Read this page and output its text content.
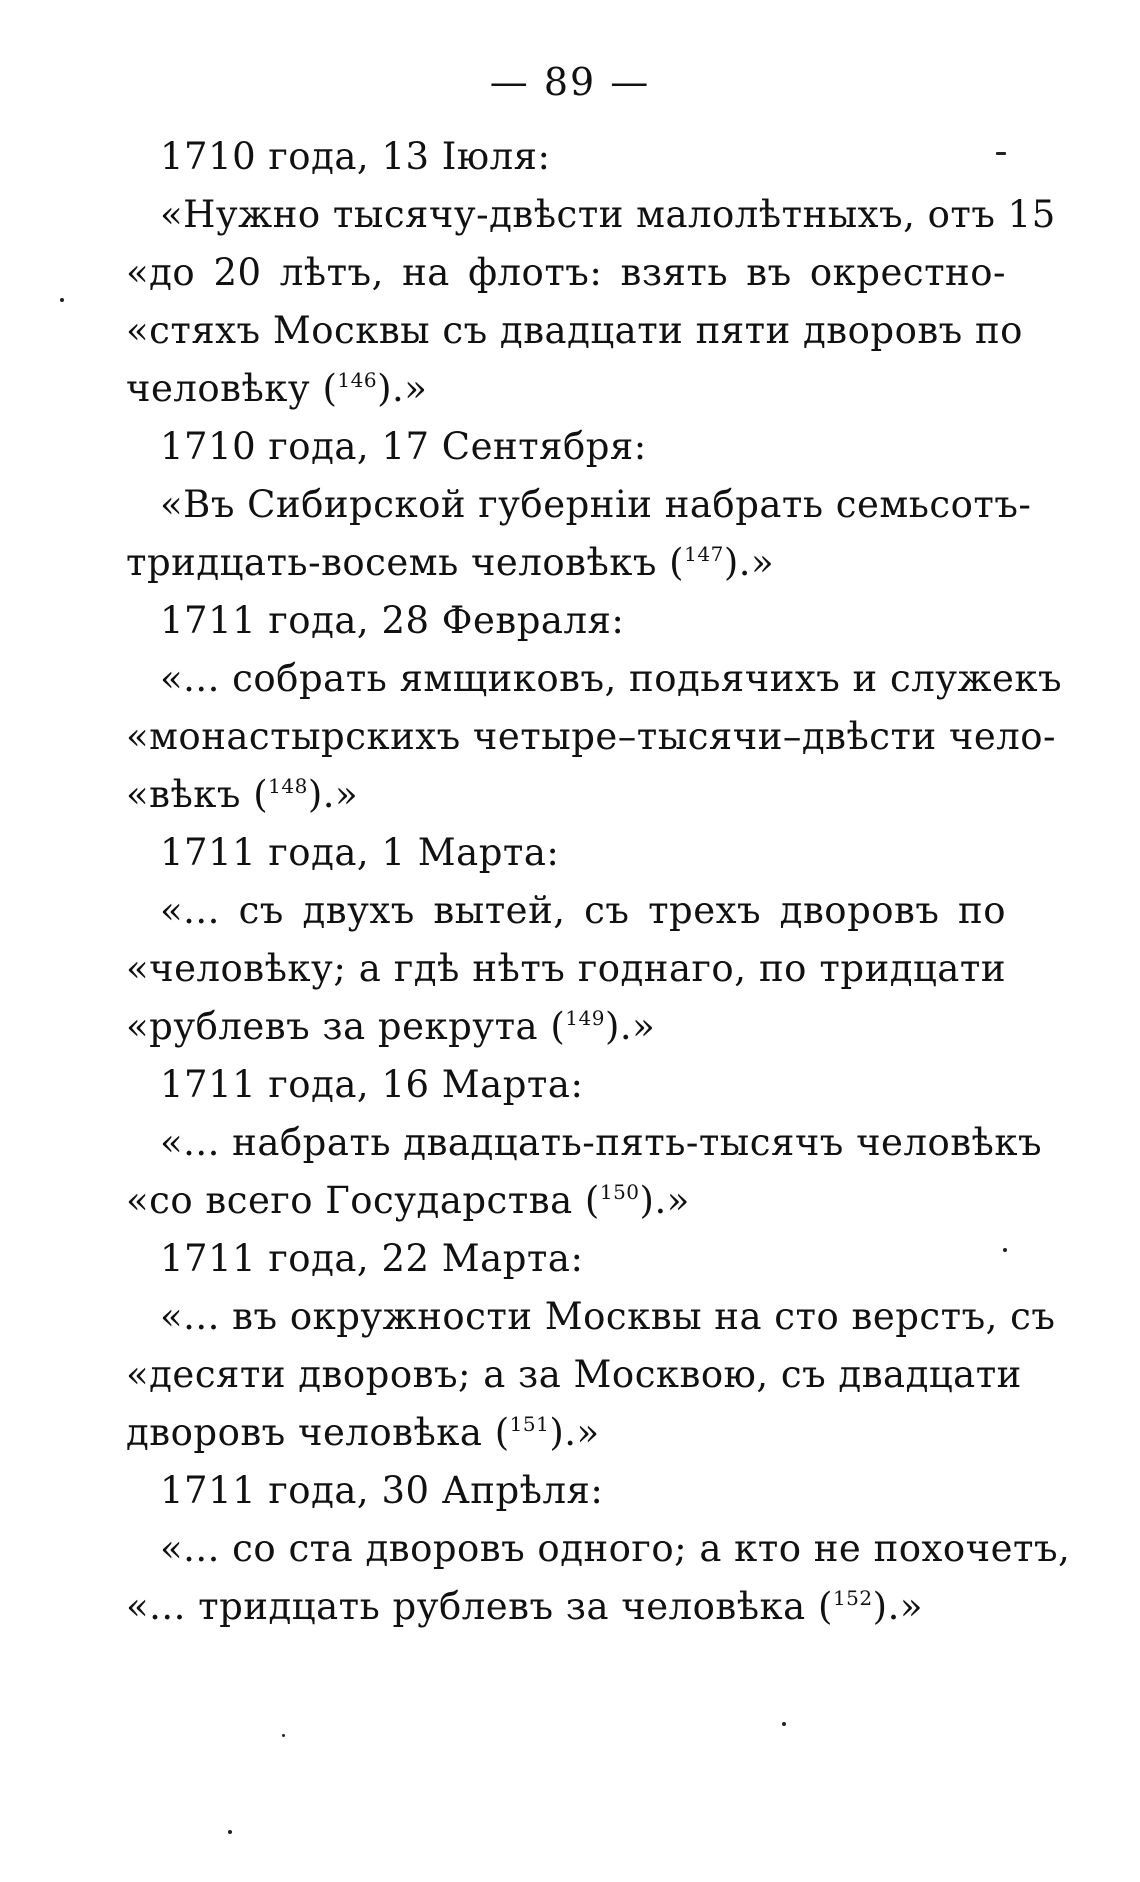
— 89 —
1710 года, 13 Іюля:
«Нужно тысячу-двѣсти малолѣтныхъ, отъ 15
«до 20 лѣтъ, на флотъ: взять въ окрестно-
«стяхъ Москвы съ двадцати пяти дворовъ по
человѣку ($^{146}$).»
1710 года, 17 Сентября:
«Въ Сибирской губерніи набрать семьсотъ-
тридцать-восемь человѣкъ ($^{147}$).»
1711 года, 28 Февраля:
«... собрать ямщиковъ, подьячихъ и служекъ
«монастырскихъ четыре–тысячи–двѣсти чело-
«вѣкъ ($^{148}$).»
1711 года, 1 Марта:
«... съ двухъ вытей, съ трехъ дворовъ по
«человѣку; а гдѣ нѣтъ годнаго, по тридцати
«рублевъ за рекрута ($^{149}$).»
1711 года, 16 Марта:
«... набрать двадцать-пять-тысячъ человѣкъ
«со всего Государства ($^{150}$).»
1711 года, 22 Марта:
«... въ окружности Москвы на сто верстъ, съ
«десяти дворовъ; а за Москвою, съ двадцати
дворовъ человѣка ($^{151}$).»
1711 года, 30 Апрѣля:
«... со ста дворовъ одного; а кто не похочетъ,
«... тридцать рублевъ за человѣка ($^{152}$).»
